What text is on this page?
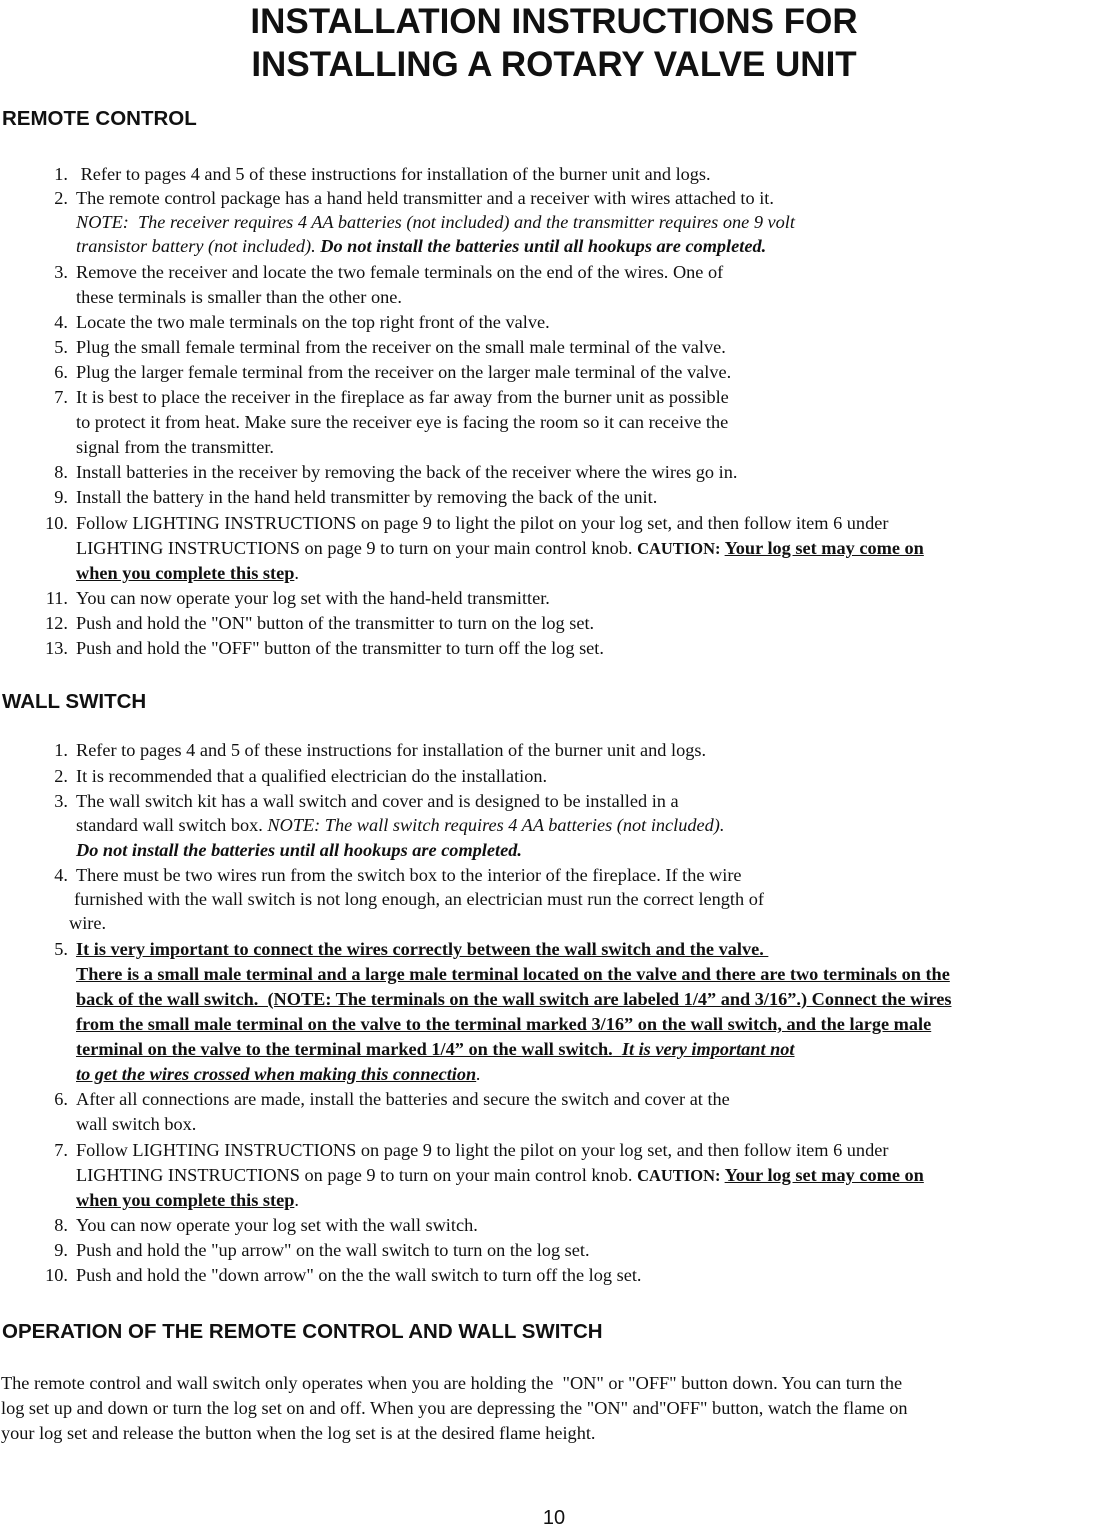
INSTALLATION INSTRUCTIONS FOR
INSTALLING A ROTARY VALVE UNIT
REMOTE CONTROL
1. Refer to pages 4 and 5 of these instructions for installation of the burner unit and logs.
2. The remote control package has a hand held transmitter and a receiver with wires attached to it.
NOTE:  The receiver requires 4 AA batteries (not included) and the transmitter requires one 9 volt
transistor battery (not included). Do not install the batteries until all hookups are completed.
3. Remove the receiver and locate the two female terminals on the end of the wires. One of
these terminals is smaller than the other one.
4. Locate the two male terminals on the top right front of the valve.
5. Plug the small female terminal from the receiver on the small male terminal of the valve.
6. Plug the larger female terminal from the receiver on the larger male terminal of the valve.
7. It is best to place the receiver in the fireplace as far away from the burner unit as possible
to protect it from heat. Make sure the receiver eye is facing the room so it can receive the
signal from the transmitter.
8. Install batteries in the receiver by removing the back of the receiver where the wires go in.
9. Install the battery in the hand held transmitter by removing the back of the unit.
10. Follow LIGHTING INSTRUCTIONS on page 9 to light the pilot on your log set, and then follow item 6 under
LIGHTING INSTRUCTIONS on page 9 to turn on your main control knob. CAUTION: Your log set may come on
when you complete this step.
11. You can now operate your log set with the hand-held transmitter.
12. Push and hold the "ON" button of the transmitter to turn on the log set.
13. Push and hold the "OFF" button of the transmitter to turn off the log set.
WALL SWITCH
1. Refer to pages 4 and 5 of these instructions for installation of the burner unit and logs.
2. It is recommended that a qualified electrician do the installation.
3. The wall switch kit has a wall switch and cover and is designed to be installed in a
standard wall switch box. NOTE: The wall switch requires 4 AA batteries (not included).
Do not install the batteries until all hookups are completed.
4. There must be two wires run from the switch box to the interior of the fireplace. If the wire
furnished with the wall switch is not long enough, an electrician must run the correct length of
wire.
5. It is very important to connect the wires correctly between the wall switch and the valve.
There is a small male terminal and a large male terminal located on the valve and there are two terminals on the
back of the wall switch.  (NOTE: The terminals on the wall switch are labeled 1/4” and 3/16”.) Connect the wires
from the small male terminal on the valve to the terminal marked 3/16” on the wall switch, and the large male
terminal on the valve to the terminal marked 1/4” on the wall switch. It is very important not
to get the wires crossed when making this connection.
6. After all connections are made, install the batteries and secure the switch and cover at the
wall switch box.
7. Follow LIGHTING INSTRUCTIONS on page 9 to light the pilot on your log set, and then follow item 6 under
LIGHTING INSTRUCTIONS on page 9 to turn on your main control knob. CAUTION: Your log set may come on
when you complete this step.
8. You can now operate your log set with the wall switch.
9. Push and hold the "up arrow" on the wall switch to turn on the log set.
10. Push and hold the "down arrow" on the the wall switch to turn off the log set.
OPERATION OF THE REMOTE CONTROL AND WALL SWITCH
The remote control and wall switch only operates when you are holding the  "ON" or "OFF" button down. You can turn the
log set up and down or turn the log set on and off. When you are depressing the "ON" and"OFF" button, watch the flame on
your log set and release the button when the log set is at the desired flame height.
10
